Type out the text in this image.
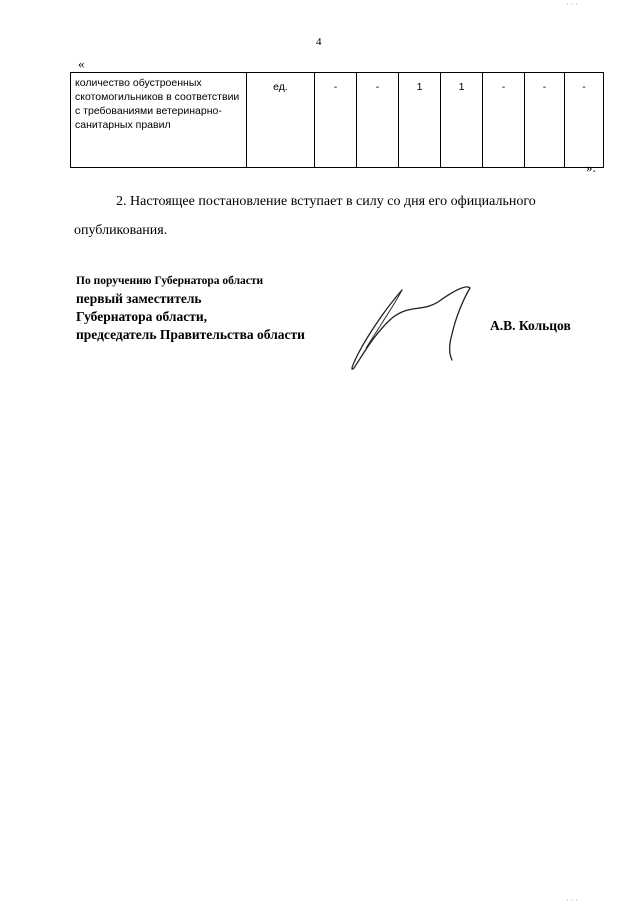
4
«
количество обустроенных скотомогильников в соответствии с требованиями ветеринарно-санитарных правил	ед.	-	-	1	1	-	-	-
».
2. Настоящее постановление вступает в силу со дня его официального
опубликования.
По поручению Губернатора области
первый заместитель
Губернатора области,
председатель Правительства области
А.В. Кольцов
· · ·
· · ·
